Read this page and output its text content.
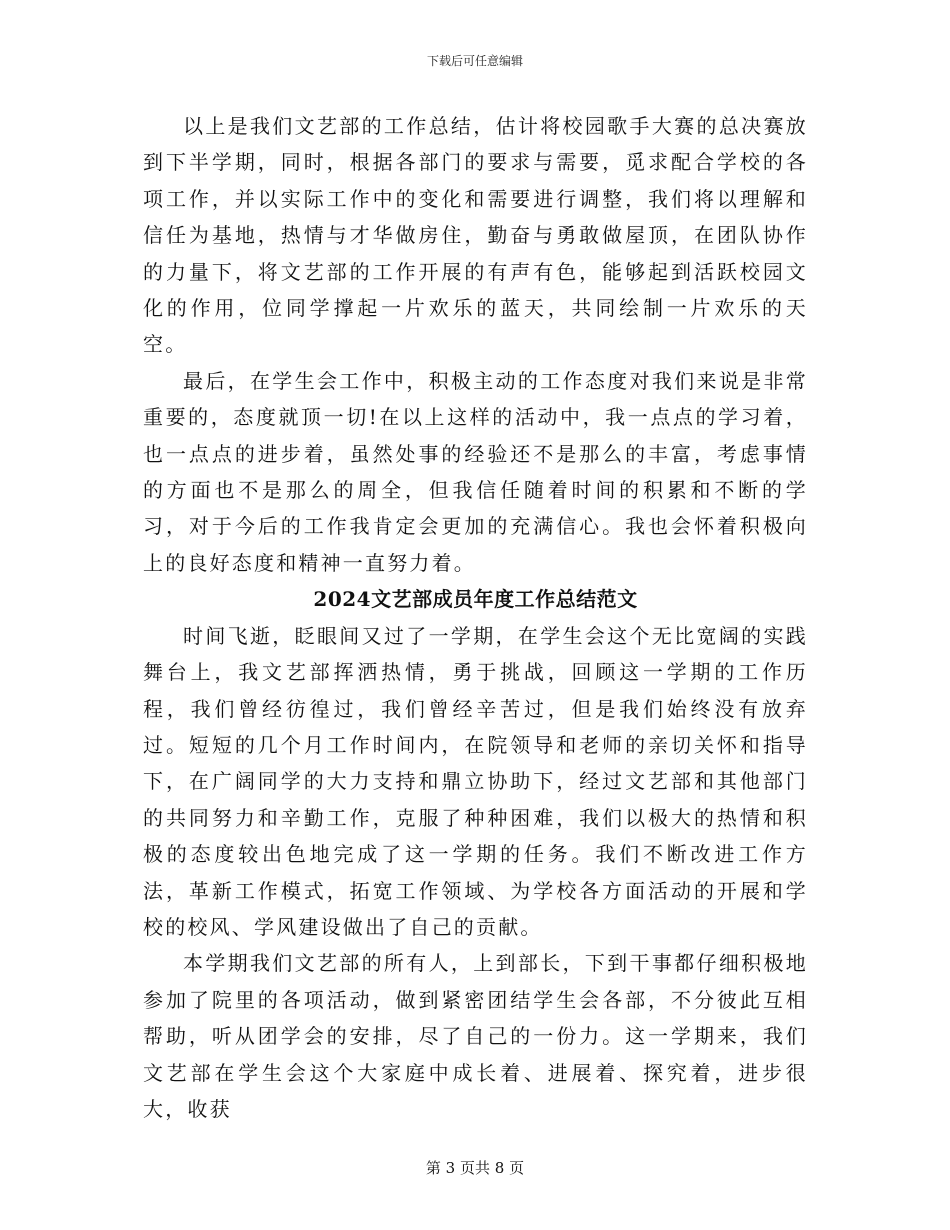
下载后可任意编辑

以上是我们文艺部的工作总结，估计将校园歌手大赛的总决赛放到下半学期，同时，根据各部门的要求与需要，觅求配合学校的各项工作，并以实际工作中的变化和需要进行调整，我们将以理解和信任为基地，热情与才华做房住，勤奋与勇敢做屋顶，在团队协作的力量下，将文艺部的工作开展的有声有色，能够起到活跃校园文化的作用，位同学撑起一片欢乐的蓝天，共同绘制一片欢乐的天空。

最后，在学生会工作中，积极主动的工作态度对我们来说是非常重要的，态度就顶一切!在以上这样的活动中，我一点点的学习着，也一点点的进步着，虽然处事的经验还不是那么的丰富，考虑事情的方面也不是那么的周全，但我信任随着时间的积累和不断的学习，对于今后的工作我肯定会更加的充满信心。我也会怀着积极向上的良好态度和精神一直努力着。

2024文艺部成员年度工作总结范文

时间飞逝，眨眼间又过了一学期，在学生会这个无比宽阔的实践舞台上，我文艺部挥洒热情，勇于挑战，回顾这一学期的工作历程，我们曾经彷徨过，我们曾经辛苦过，但是我们始终没有放弃过。短短的几个月工作时间内，在院领导和老师的亲切关怀和指导下，在广阔同学的大力支持和鼎立协助下，经过文艺部和其他部门的共同努力和辛勤工作，克服了种种困难，我们以极大的热情和积极的态度较出色地完成了这一学期的任务。我们不断改进工作方法，革新工作模式，拓宽工作领域、为学校各方面活动的开展和学校的校风、学风建设做出了自己的贡献。

本学期我们文艺部的所有人，上到部长，下到干事都仔细积极地参加了院里的各项活动，做到紧密团结学生会各部，不分彼此互相帮助，听从团学会的安排，尽了自己的一份力。这一学期来，我们文艺部在学生会这个大家庭中成长着、进展着、探究着，进步很大，收获

第 3 页共 8 页
